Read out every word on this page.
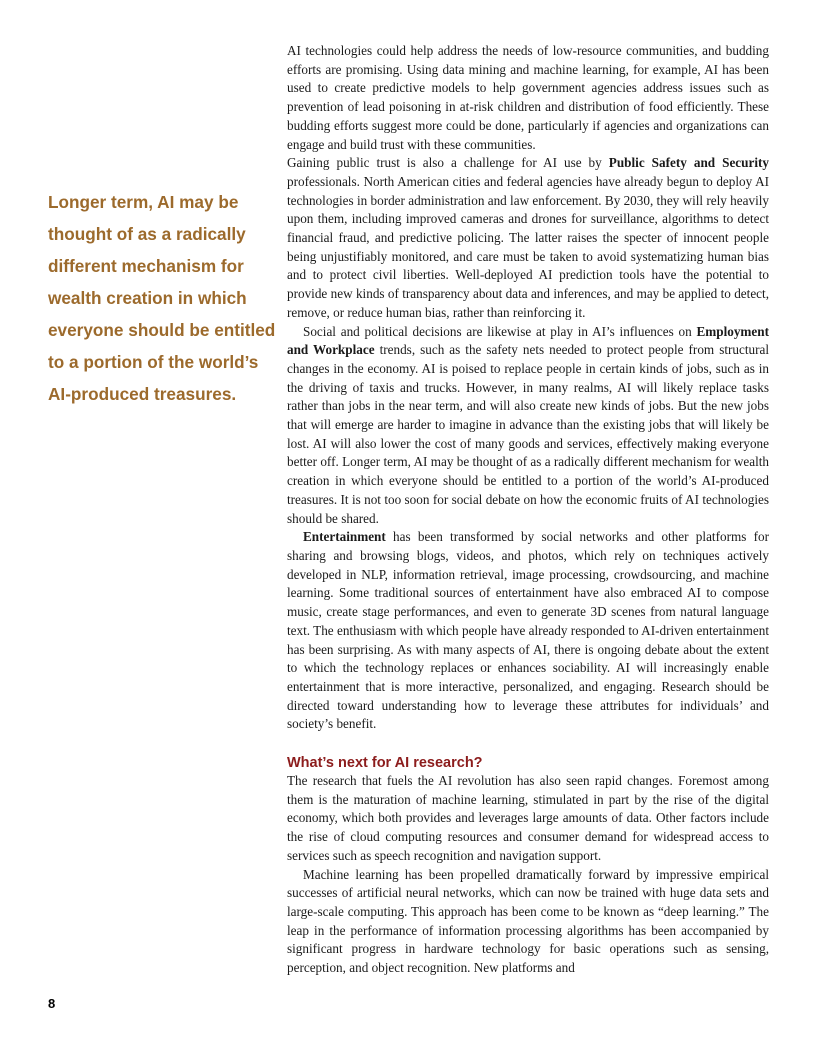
Longer term, AI may be thought of as a radically different mechanism for wealth creation in which everyone should be entitled to a portion of the world’s AI-produced treasures.

AI technologies could help address the needs of low-resource communities, and budding efforts are promising. Using data mining and machine learning, for example, AI has been used to create predictive models to help government agencies address issues such as prevention of lead poisoning in at-risk children and distribution of food efficiently. These budding efforts suggest more could be done, particularly if agencies and organizations can engage and build trust with these communities.

Gaining public trust is also a challenge for AI use by Public Safety and Security professionals. North American cities and federal agencies have already begun to deploy AI technologies in border administration and law enforcement. By 2030, they will rely heavily upon them, including improved cameras and drones for surveillance, algorithms to detect financial fraud, and predictive policing. The latter raises the specter of innocent people being unjustifiably monitored, and care must be taken to avoid systematizing human bias and to protect civil liberties. Well-deployed AI prediction tools have the potential to provide new kinds of transparency about data and inferences, and may be applied to detect, remove, or reduce human bias, rather than reinforcing it.

Social and political decisions are likewise at play in AI’s influences on Employment and Workplace trends, such as the safety nets needed to protect people from structural changes in the economy. AI is poised to replace people in certain kinds of jobs, such as in the driving of taxis and trucks. However, in many realms, AI will likely replace tasks rather than jobs in the near term, and will also create new kinds of jobs. But the new jobs that will emerge are harder to imagine in advance than the existing jobs that will likely be lost. AI will also lower the cost of many goods and services, effectively making everyone better off. Longer term, AI may be thought of as a radically different mechanism for wealth creation in which everyone should be entitled to a portion of the world’s AI-produced treasures. It is not too soon for social debate on how the economic fruits of AI technologies should be shared.

Entertainment has been transformed by social networks and other platforms for sharing and browsing blogs, videos, and photos, which rely on techniques actively developed in NLP, information retrieval, image processing, crowdsourcing, and machine learning. Some traditional sources of entertainment have also embraced AI to compose music, create stage performances, and even to generate 3D scenes from natural language text. The enthusiasm with which people have already responded to AI-driven entertainment has been surprising. As with many aspects of AI, there is ongoing debate about the extent to which the technology replaces or enhances sociability. AI will increasingly enable entertainment that is more interactive, personalized, and engaging. Research should be directed toward understanding how to leverage these attributes for individuals’ and society’s benefit.

What’s next for AI research?

The research that fuels the AI revolution has also seen rapid changes. Foremost among them is the maturation of machine learning, stimulated in part by the rise of the digital economy, which both provides and leverages large amounts of data. Other factors include the rise of cloud computing resources and consumer demand for widespread access to services such as speech recognition and navigation support.

Machine learning has been propelled dramatically forward by impressive empirical successes of artificial neural networks, which can now be trained with huge data sets and large-scale computing. This approach has been come to be known as “deep learning.” The leap in the performance of information processing algorithms has been accompanied by significant progress in hardware technology for basic operations such as sensing, perception, and object recognition. New platforms and

8
